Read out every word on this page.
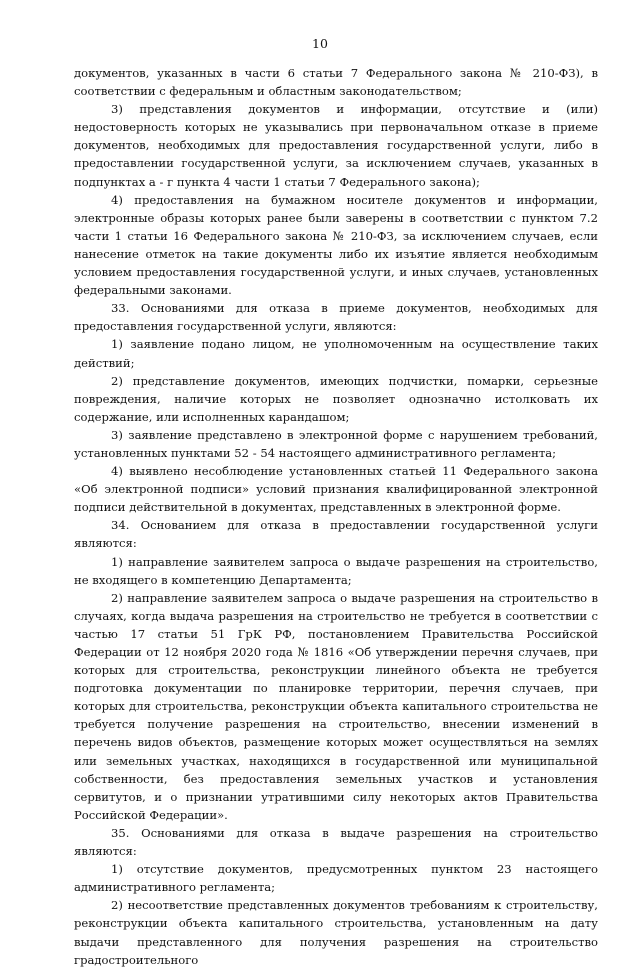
10

документов, указанных в части 6 статьи 7 Федерального закона № 210-ФЗ), в соответствии с федеральным и областным законодательством;

3) представления документов и информации, отсутствие и (или) недостоверность которых не указывались при первоначальном отказе в приеме документов, необходимых для предоставления государственной услуги, либо в предоставлении государственной услуги, за исключением случаев, указанных в подпунктах а - г пункта 4 части 1 статьи 7 Федерального закона);

4) предоставления на бумажном носителе документов и информации, электронные образы которых ранее были заверены в соответствии с пунктом 7.2 части 1 статьи 16 Федерального закона № 210-ФЗ, за исключением случаев, если нанесение отметок на такие документы либо их изъятие является необходимым условием предоставления государственной услуги, и иных случаев, установленных федеральными законами.

33. Основаниями для отказа в приеме документов, необходимых для предоставления государственной услуги, являются:

1) заявление подано лицом, не уполномоченным на осуществление таких действий;

2) представление документов, имеющих подчистки, помарки, серьезные повреждения, наличие которых не позволяет однозначно истолковать их содержание, или исполненных карандашом;

3) заявление представлено в электронной форме с нарушением требований, установленных пунктами 52 - 54 настоящего административного регламента;

4) выявлено несоблюдение установленных статьей 11 Федерального закона «Об электронной подписи» условий признания квалифицированной электронной подписи действительной в документах, представленных в электронной форме.

34. Основанием для отказа в предоставлении государственной услуги являются:

1) направление заявителем запроса о выдаче разрешения на строительство, не входящего в компетенцию Департамента;

2) направление заявителем запроса о выдаче разрешения на строительство в случаях, когда выдача разрешения на строительство не требуется в соответствии с частью 17 статьи 51 ГрК РФ, постановлением Правительства Российской Федерации от 12 ноября 2020 года № 1816 «Об утверждении перечня случаев, при которых для строительства, реконструкции линейного объекта не требуется подготовка документации по планировке территории, перечня случаев, при которых для строительства, реконструкции объекта капитального строительства не требуется получение разрешения на строительство, внесении изменений в перечень видов объектов, размещение которых может осуществляться на землях или земельных участках, находящихся в государственной или муниципальной собственности, без предоставления земельных участков и установления сервитутов, и о признании утратившими силу некоторых актов Правительства Российской Федерации».

35. Основаниями для отказа в выдаче разрешения на строительство являются:

1) отсутствие документов, предусмотренных пунктом 23 настоящего административного регламента;

2) несоответствие представленных документов требованиям к строительству, реконструкции объекта капитального строительства, установленным на дату выдачи представленного для получения разрешения на строительство градостроительного
